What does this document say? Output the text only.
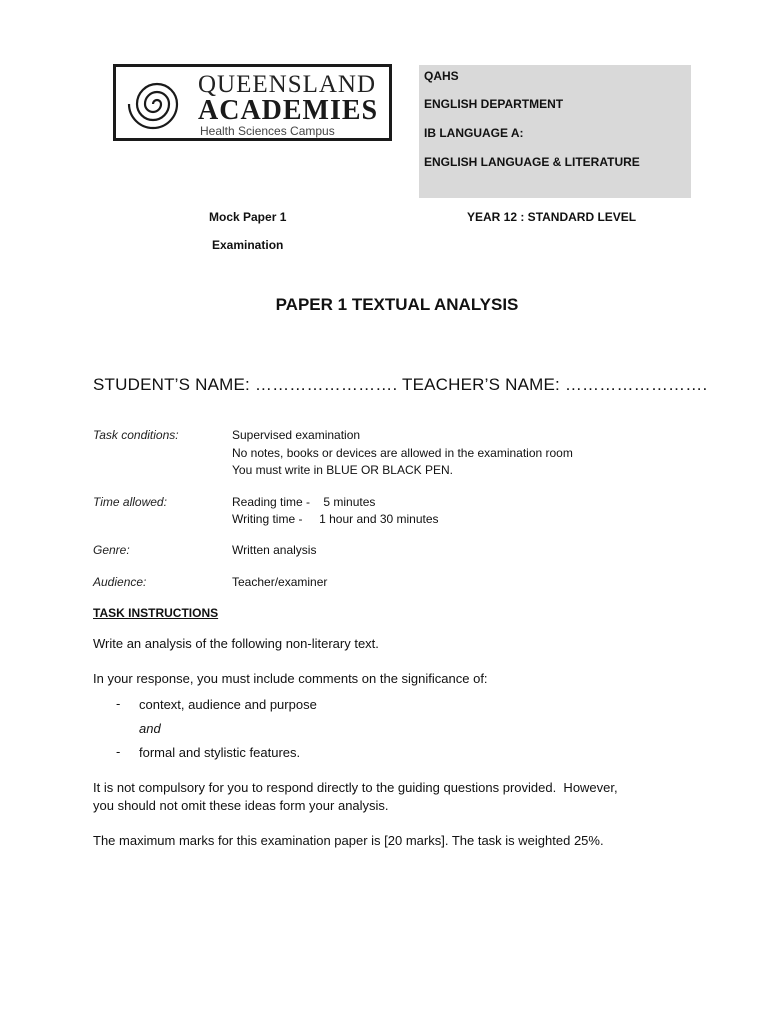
QUEENSLAND
ACADEMIES
Health Sciences Campus
QAHS
ENGLISH DEPARTMENT
IB LANGUAGE A:
ENGLISH LANGUAGE & LITERATURE
Mock Paper 1
Examination
YEAR 12 : STANDARD LEVEL
PAPER 1 TEXTUAL ANALYSIS
STUDENT’S NAME: ……………………. TEACHER’S NAME: …………………….
Task conditions:	Supervised examination
No notes, books or devices are allowed in the examination room
You must write in BLUE OR BLACK PEN.
Time allowed:	Reading time -    5 minutes
Writing time -     1 hour and 30 minutes
Genre:	Written analysis
Audience:	Teacher/examiner
TASK INSTRUCTIONS
Write an analysis of the following non-literary text.
In your response, you must include comments on the significance of:
- context, audience and purpose
and
- formal and stylistic features.
It is not compulsory for you to respond directly to the guiding questions provided.  However,
you should not omit these ideas form your analysis.
The maximum marks for this examination paper is [20 marks]. The task is weighted 25%.
